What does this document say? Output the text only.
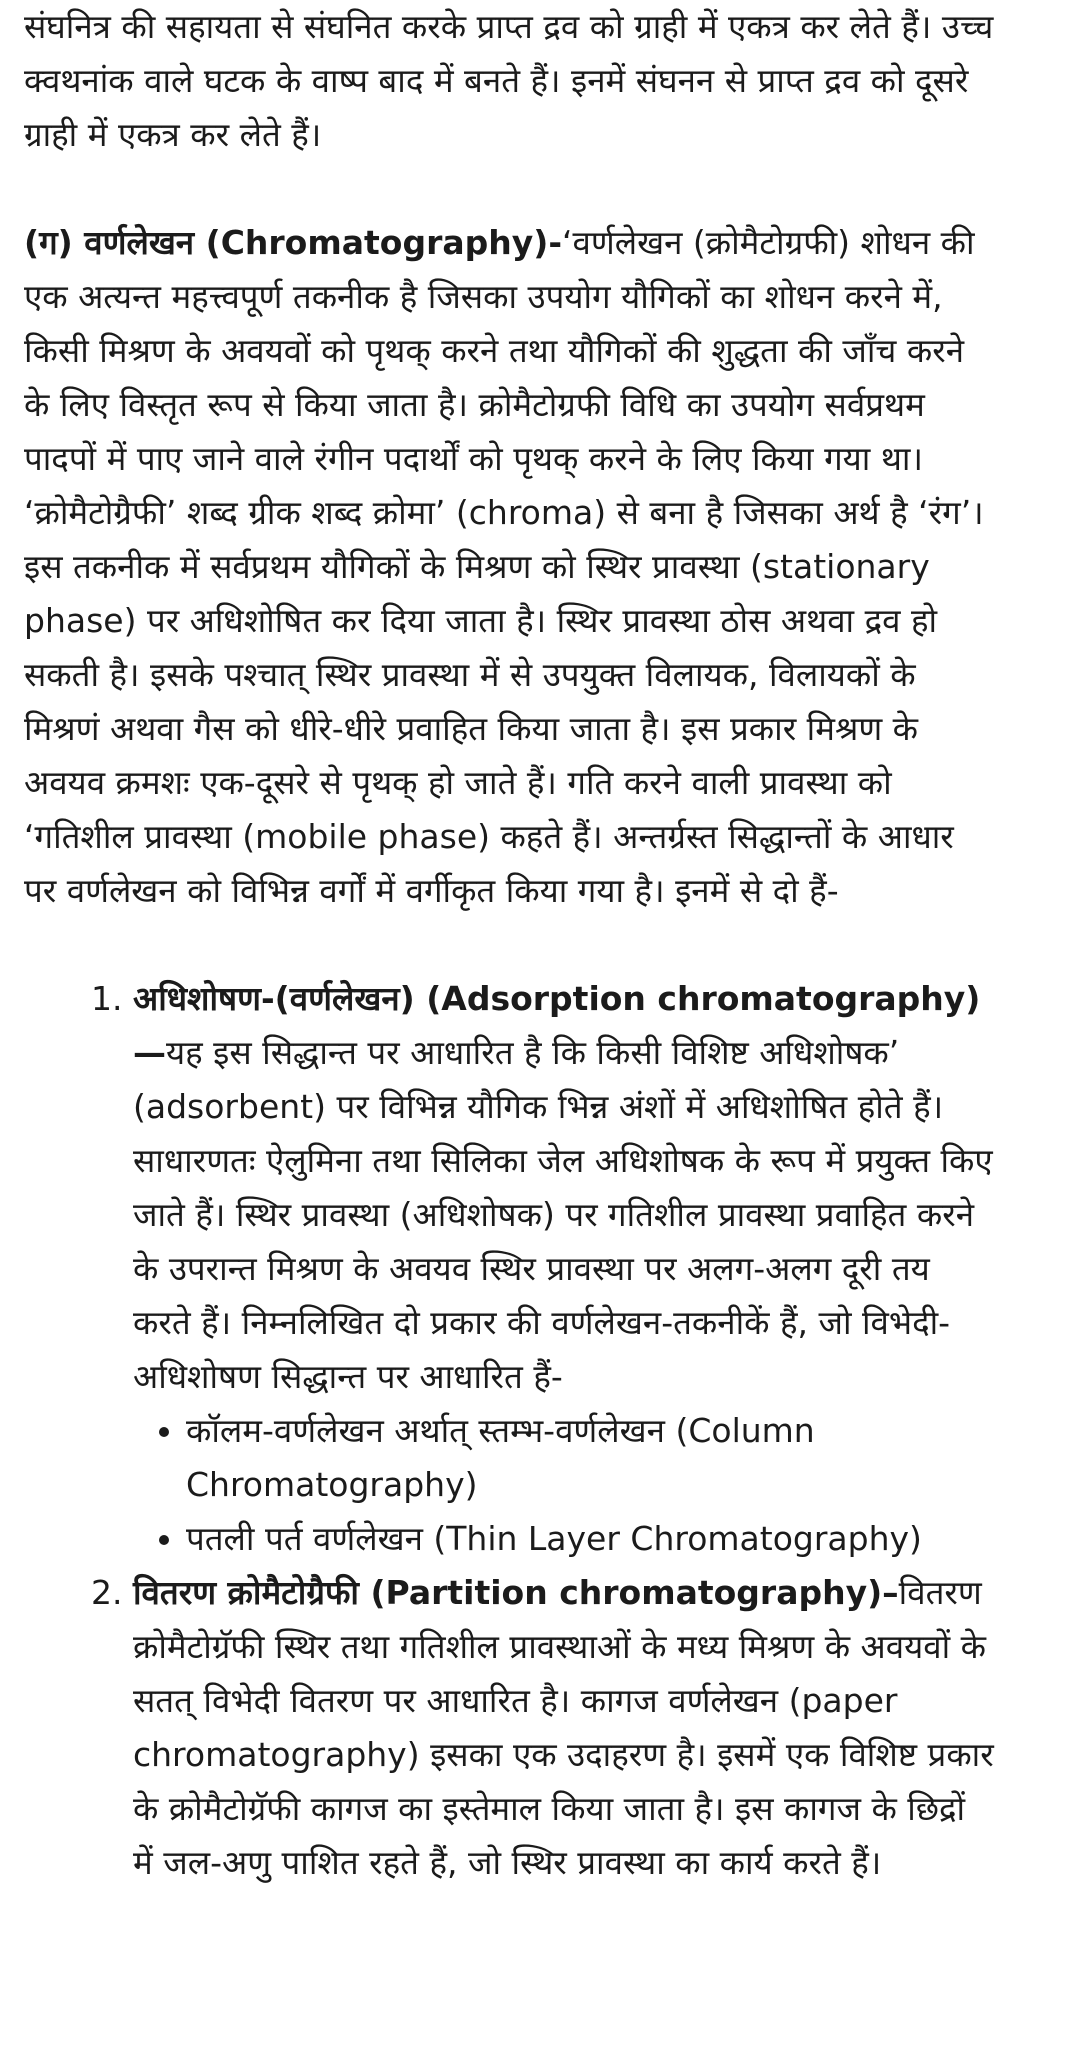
संघनित्र की सहायता से संघनित करके प्राप्त द्रव को ग्राही में एकत्र कर लेते हैं। उच्च क्वथनांक वाले घटक के वाष्प बाद में बनते हैं। इनमें संघनन से प्राप्त द्रव को दूसरे ग्राही में एकत्र कर लेते हैं।

(ग) वर्णलेखन (Chromatography)-‘वर्णलेखन (क्रोमैटोग्रफी) शोधन की एक अत्यन्त महत्त्वपूर्ण तकनीक है जिसका उपयोग यौगिकों का शोधन करने में, किसी मिश्रण के अवयवों को पृथक् करने तथा यौगिकों की शुद्धता की जाँच करने के लिए विस्तृत रूप से किया जाता है। क्रोमैटोग्रफी विधि का उपयोग सर्वप्रथम पादपों में पाए जाने वाले रंगीन पदार्थों को पृथक् करने के लिए किया गया था। ‘क्रोमैटोग्रैफी’ शब्द ग्रीक शब्द क्रोमा’ (chroma) से बना है जिसका अर्थ है ‘रंग’। इस तकनीक में सर्वप्रथम यौगिकों के मिश्रण को स्थिर प्रावस्था (stationary phase) पर अधिशोषित कर दिया जाता है। स्थिर प्रावस्था ठोस अथवा द्रव हो सकती है। इसके पश्चात् स्थिर प्रावस्था में से उपयुक्त विलायक, विलायकों के मिश्रणं अथवा गैस को धीरे-धीरे प्रवाहित किया जाता है। इस प्रकार मिश्रण के अवयव क्रमशः एक-दूसरे से पृथक् हो जाते हैं। गति करने वाली प्रावस्था को ‘गतिशील प्रावस्था (mobile phase) कहते हैं। अन्तर्ग्रस्त सिद्धान्तों के आधार पर वर्णलेखन को विभिन्न वर्गों में वर्गीकृत किया गया है। इनमें से दो हैं-

1. अधिशोषण-(वर्णलेखन) (Adsorption chromatography)—यह इस सिद्धान्त पर आधारित है कि किसी विशिष्ट अधिशोषक’ (adsorbent) पर विभिन्न यौगिक भिन्न अंशों में अधिशोषित होते हैं। साधारणतः ऐलुमिना तथा सिलिका जेल अधिशोषक के रूप में प्रयुक्त किए जाते हैं। स्थिर प्रावस्था (अधिशोषक) पर गतिशील प्रावस्था प्रवाहित करने के उपरान्त मिश्रण के अवयव स्थिर प्रावस्था पर अलग-अलग दूरी तय करते हैं। निम्नलिखित दो प्रकार की वर्णलेखन-तकनीकें हैं, जो विभेदी-अधिशोषण सिद्धान्त पर आधारित हैं-
• कॉलम-वर्णलेखन अर्थात् स्तम्भ-वर्णलेखन (Column Chromatography)
• पतली पर्त वर्णलेखन (Thin Layer Chromatography)
2. वितरण क्रोमैटोग्रैफी (Partition chromatography)–वितरण क्रोमैटोग्रॅफी स्थिर तथा गतिशील प्रावस्थाओं के मध्य मिश्रण के अवयवों के सतत् विभेदी वितरण पर आधारित है। कागज वर्णलेखन (paper chromatography) इसका एक उदाहरण है। इसमें एक विशिष्ट प्रकार के क्रोमैटोग्रॅफी कागज का इस्तेमाल किया जाता है। इस कागज के छिद्रों में जल-अणु पाशित रहते हैं, जो स्थिर प्रावस्था का कार्य करते हैं।
